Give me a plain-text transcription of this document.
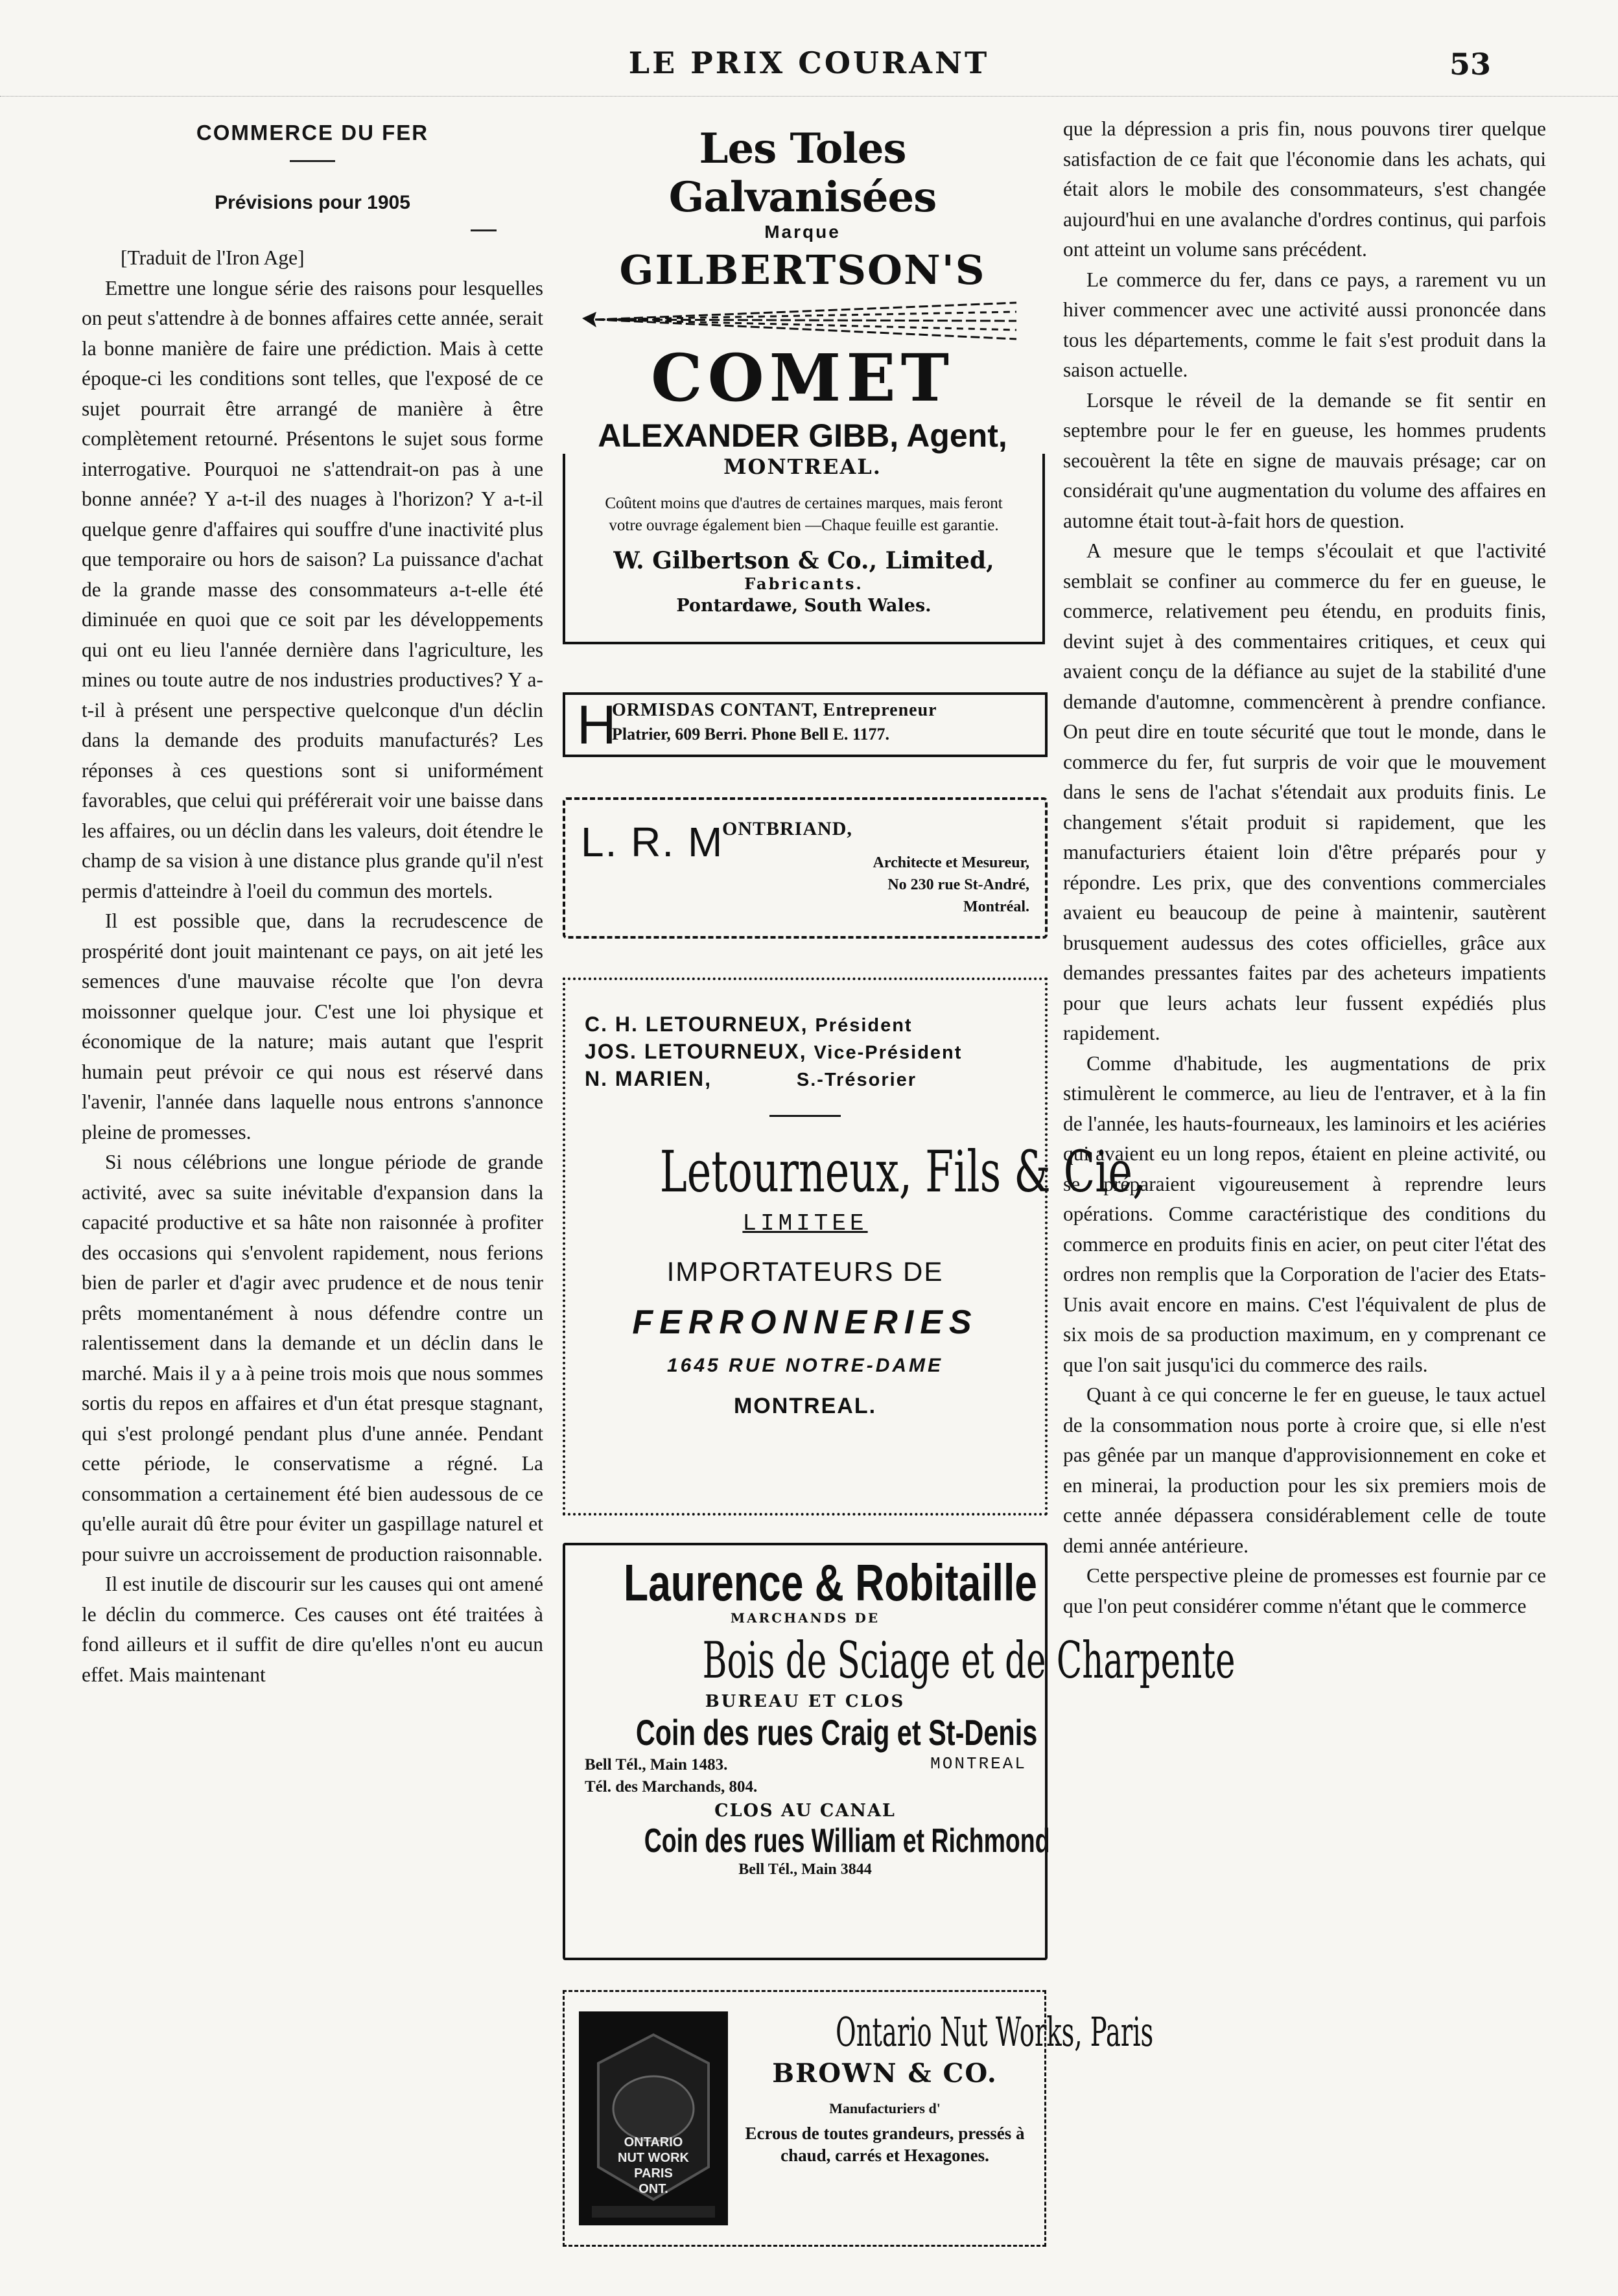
LE PRIX COURANT	53
COMMERCE DU FER
Prévisions pour 1905

[Traduit de l'Iron Age]

Emettre une longue série des raisons pour lesquelles on peut s'attendre à de bonnes affaires cette année, serait la bonne manière de faire une prédiction. Mais à cette époque-ci les conditions sont telles, que l'exposé de ce sujet pourrait être arrangé de manière à être complètement retourné. Présentons le sujet sous forme interrogative. Pourquoi ne s'attendrait-on pas à une bonne année? Y a-t-il des nuages à l'horizon? Y a-t-il quelque genre d'affaires qui souffre d'une inactivité plus que temporaire ou hors de saison? La puissance d'achat de la grande masse des consommateurs a-t-elle été diminuée en quoi que ce soit par les développements qui ont eu lieu l'année dernière dans l'agriculture, les mines ou toute autre de nos industries productives? Y a-t-il à présent une perspective quelconque d'un déclin dans la demande des produits manufacturés? Les réponses à ces questions sont si uniformément favorables, que celui qui préférerait voir une baisse dans les affaires, ou un déclin dans les valeurs, doit étendre le champ de sa vision à une distance plus grande qu'il n'est permis d'atteindre à l'oeil du commun des mortels.

Il est possible que, dans la recrudescence de prospérité dont jouit maintenant ce pays, on ait jeté les semences d'une mauvaise récolte que l'on devra moissonner quelque jour. C'est une loi physique et économique de la nature; mais autant que l'esprit humain peut prévoir ce qui nous est réservé dans l'avenir, l'année dans laquelle nous entrons s'annonce pleine de promesses.

Si nous célébrions une longue période de grande activité, avec sa suite inévitable d'expansion dans la capacité productive et sa hâte non raisonnée à profiter des occasions qui s'envolent rapidement, nous ferions bien de parler et d'agir avec prudence et de nous tenir prêts momentanément à nous défendre contre un ralentissement dans la demande et un déclin dans le marché. Mais il y a à peine trois mois que nous sommes sortis du repos en affaires et d'un état presque stagnant, qui s'est prolongé pendant plus d'une année. Pendant cette période, le conservatisme a régné. La consommation a certainement été bien audessous de ce qu'elle aurait dû être pour éviter un gaspillage naturel et pour suivre un accroissement de production raisonnable.

Il est inutile de discourir sur les causes qui ont amené le déclin du commerce. Ces causes ont été traitées à fond ailleurs et il suffit de dire qu'elles n'ont eu aucun effet. Mais maintenant

que la dépression a pris fin, nous pouvons tirer quelque satisfaction de ce fait que l'économie dans les achats, qui était alors le mobile des consommateurs, s'est changée aujourd'hui en une avalanche d'ordres continus, qui parfois ont atteint un volume sans précédent.

Le commerce du fer, dans ce pays, a rarement vu un hiver commencer avec une activité aussi prononcée dans tous les départements, comme le fait s'est produit dans la saison actuelle.

Lorsque le réveil de la demande se fit sentir en septembre pour le fer en gueuse, les hommes prudents secouèrent la tête en signe de mauvais présage; car on considérait qu'une augmentation du volume des affaires en automne était tout-à-fait hors de question.

A mesure que le temps s'écoulait et que l'activité semblait se confiner au commerce du fer en gueuse, le commerce, relativement peu étendu, en produits finis, devint sujet à des commentaires critiques, et ceux qui avaient conçu de la défiance au sujet de la stabilité d'une demande d'automne, commencèrent à prendre confiance. On peut dire en toute sécurité que tout le monde, dans le commerce du fer, fut surpris de voir que le mouvement dans le sens de l'achat s'étendait aux produits finis. Le changement s'était produit si rapidement, que les manufacturiers étaient loin d'être préparés pour y répondre. Les prix, que des conventions commerciales avaient eu beaucoup de peine à maintenir, sautèrent brusquement audessus des cotes officielles, grâce aux demandes pressantes faites par des acheteurs impatients pour que leurs achats leur fussent expédiés plus rapidement.

Comme d'habitude, les augmentations de prix stimulèrent le commerce, au lieu de l'entraver, et à la fin de l'année, les hauts-fourneaux, les laminoirs et les aciéries qui avaient eu un long repos, étaient en pleine activité, ou se préparaient vigoureusement à reprendre leurs opérations. Comme caractéristique des conditions du commerce en produits finis en acier, on peut citer l'état des ordres non remplis que la Corporation de l'acier des Etats-Unis avait encore en mains. C'est l'équivalent de plus de six mois de sa production maximum, en y comprenant ce que l'on sait jusqu'ici du commerce des rails.

Quant à ce qui concerne le fer en gueuse, le taux actuel de la consommation nous porte à croire que, si elle n'est pas gênée par un manque d'approvisionnement en coke et en minerai, la production pour les six premiers mois de cette année dépassera considérablement celle de toute demi année antérieure.

Cette perspective pleine de promesses est fournie par ce que l'on peut considérer comme n'étant que le commerce

Les Toles Galvanisées
Marque
GILBERTSON'S
COMET
ALEXANDER GIBB, Agent,
MONTREAL.
Coûtent moins que d'autres de certaines marques, mais feront votre ouvrage également bien —Chaque feuille est garantie.
W. Gilbertson & Co., Limited,
Fabricants.
Pontardawe, South Wales.
H
ORMISDAS CONTANT, Entrepreneur
Platrier, 609 Berri. Phone Bell E. 1177.
L. R. M
ONTBRIAND,
Architecte et Mesureur,
No 230 rue St-André,
Montréal.
C. H. LETOURNEUX, Président
JOS. LETOURNEUX, Vice-Président
N. MARIEN,	S.-Trésorier
Letourneux, Fils & Cie,
LIMITEE
IMPORTATEURS DE
FERRONNERIES
1645 RUE NOTRE-DAME
MONTREAL.
Laurence & Robitaille
MARCHANDS DE
Bois de Sciage et de Charpente
BUREAU ET CLOS
Coin des rues Craig et St-Denis
Bell Tél., Main 1483.
Tél. des Marchands, 804.
MONTREAL
CLOS AU CANAL
Coin des rues William et Richmond
Bell Tél., Main 3844
ONTARIO
NUT WORK
PARIS
ONT.
Ontario Nut Works, Paris
BROWN & CO.
Manufacturiers d'
Ecrous de toutes grandeurs, pressés à chaud, carrés et Hexagones.
